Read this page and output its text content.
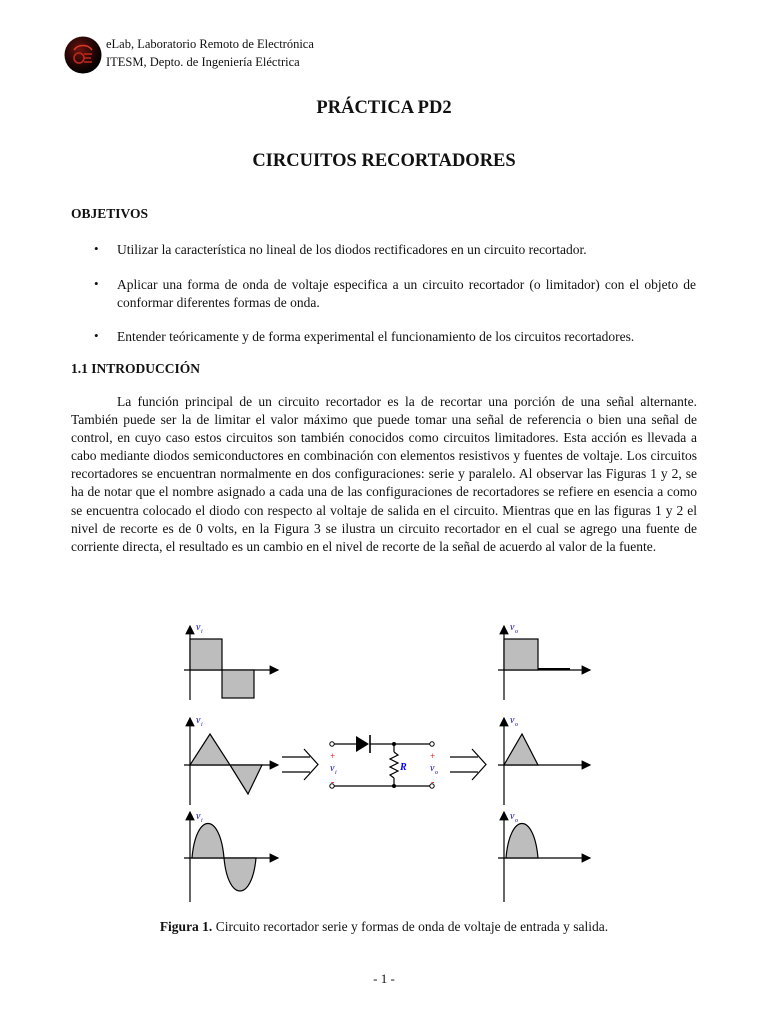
eLab, Laboratorio Remoto de Electrónica
ITESM, Depto. de Ingeniería Eléctrica
PRÁCTICA PD2
CIRCUITOS RECORTADORES
OBJETIVOS
• Utilizar la característica no lineal de los diodos rectificadores en un circuito recortador.
• Aplicar una forma de onda de voltaje especifica a un circuito recortador (o limitador) con el objeto de conformar diferentes formas de onda.
• Entender teóricamente y de forma experimental el funcionamiento de los circuitos recortadores.
1.1 INTRODUCCIÓN

La función principal de un circuito recortador es la de recortar una porción de una señal alternante. También puede ser la de limitar el valor máximo que puede tomar una señal de referencia o bien una señal de control, en cuyo caso estos circuitos son también conocidos como circuitos limitadores. Esta acción es llevada a cabo mediante diodos semiconductores en combinación con elementos resistivos y fuentes de voltaje. Los circuitos recortadores se encuentran normalmente en dos configuraciones: serie y paralelo. Al observar las Figuras 1 y 2, se ha de notar que el nombre asignado a cada una de las configuraciones de recortadores se refiere en esencia a como se encuentra colocado el diodo con respecto al voltaje de salida en el circuito. Mientras que en las figuras 1 y 2 el nivel de recorte es de 0 volts, en la Figura 3 se ilustra un circuito recortador en el cual se agrego una fuente de corriente directa, el resultado es un cambio en el nivel de recorte de la señal de acuerdo al valor de la fuente.

v i
v i
v i
R
+
-
+
-
v i	v o
v o
v o
v o
Figura 1. Circuito recortador serie y formas de onda de voltaje de entrada y salida.
- 1 -
